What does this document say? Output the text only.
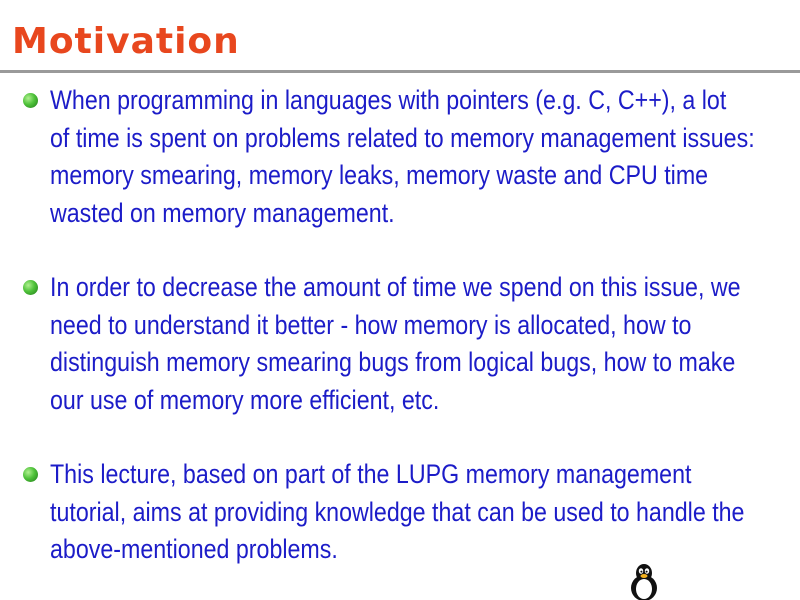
Motivation
When programming in languages with pointers (e.g. C, C++), a lot
of time is spent on problems related to memory management issues:
memory smearing, memory leaks, memory waste and CPU time
wasted on memory management.
In order to decrease the amount of time we spend on this issue, we
need to understand it better - how memory is allocated, how to
distinguish memory smearing bugs from logical bugs, how to make
our use of memory more efficient, etc.
This lecture, based on part of the LUPG memory management
tutorial, aims at providing knowledge that can be used to handle the
above-mentioned problems.
